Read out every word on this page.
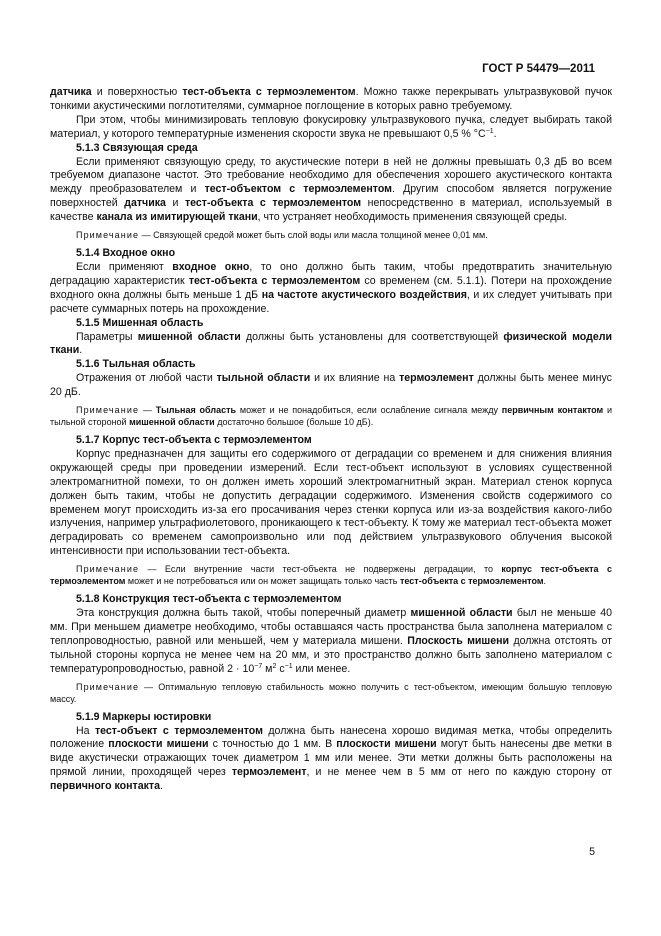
ГОСТ Р 54479—2011

датчика и поверхностью тест-объекта с термоэлементом. Можно также перекрывать ультразвуковой пучок тонкими акустическими поглотителями, суммарное поглощение в которых равно требуемому.

При этом, чтобы минимизировать тепловую фокусировку ультразвукового пучка, следует выбирать такой материал, у которого температурные изменения скорости звука не превышают 0,5 % $^\circ C^{-1}$.

5.1.3 Связующая среда

Если применяют связующую среду, то акустические потери в ней не должны превышать 0,3 дБ во всем требуемом диапазоне частот. Это требование необходимо для обеспечения хорошего акустического контакта между преобразователем и тест-объектом с термоэлементом. Другим способом является погружение поверхностей датчика и тест-объекта с термоэлементом непосредственно в материал, используемый в качестве канала из имитирующей ткани, что устраняет необходимость применения связующей среды.

Примечание — Связующей средой может быть слой воды или масла толщиной менее 0,01 мм.
5.1.4 Входное окно

Если применяют входное окно, то оно должно быть таким, чтобы предотвратить значительную деградацию характеристик тест-объекта с термоэлементом со временем (см. 5.1.1). Потери на прохождение входного окна должны быть меньше 1 дБ на частоте акустического воздействия, и их следует учитывать при расчете суммарных потерь на прохождение.

5.1.5 Мишенная область

Параметры мишенной области должны быть установлены для соответствующей физической модели ткани.

5.1.6 Тыльная область

Отражения от любой части тыльной области и их влияние на термоэлемент должны быть менее минус 20 дБ.

Примечание — Тыльная область может и не понадобиться, если ослабление сигнала между первичным контактом и тыльной стороной мишенной области достаточно большое (больше 10 дБ).
5.1.7 Корпус тест-объекта с термоэлементом

Корпус предназначен для защиты его содержимого от деградации со временем и для снижения влияния окружающей среды при проведении измерений. Если тест-объект используют в условиях существенной электромагнитной помехи, то он должен иметь хороший электромагнитный экран. Материал стенок корпуса должен быть таким, чтобы не допустить деградации содержимого. Изменения свойств содержимого со временем могут происходить из-за его просачивания через стенки корпуса или из-за воздействия какого-либо излучения, например ультрафиолетового, проникающего к тест-объекту. К тому же материал тест-объекта может деградировать со временем самопроизвольно или под действием ультразвукового облучения высокой интенсивности при использовании тест-объекта.

Примечание — Если внутренние части тест-объекта не подвержены деградации, то корпус тест-объекта с термоэлементом может и не потребоваться или он может защищать только часть тест-объекта с термоэлементом.
5.1.8 Конструкция тест-объекта с термоэлементом

Эта конструкция должна быть такой, чтобы поперечный диаметр мишенной области был не меньше 40 мм. При меньшем диаметре необходимо, чтобы оставшаяся часть пространства была заполнена материалом с теплопроводностью, равной или меньшей, чем у материала мишени. Плоскость мишени должна отстоять от тыльной стороны корпуса не менее чем на 20 мм, и это пространство должно быть заполнено материалом с температуропроводностью, равной $2 \cdot 10^{-7}$ $м^2$ $с^{-1}$ или менее.

Примечание — Оптимальную тепловую стабильность можно получить с тест-объектом, имеющим большую тепловую массу.
5.1.9 Маркеры юстировки

На тест-объект с термоэлементом должна быть нанесена хорошо видимая метка, чтобы определить положение плоскости мишени с точностью до 1 мм. В плоскости мишени могут быть нанесены две метки в виде акустически отражающих точек диаметром 1 мм или менее. Эти метки должны быть расположены на прямой линии, проходящей через термоэлемент, и не менее чем в 5 мм от него по каждую сторону от первичного контакта.

5
